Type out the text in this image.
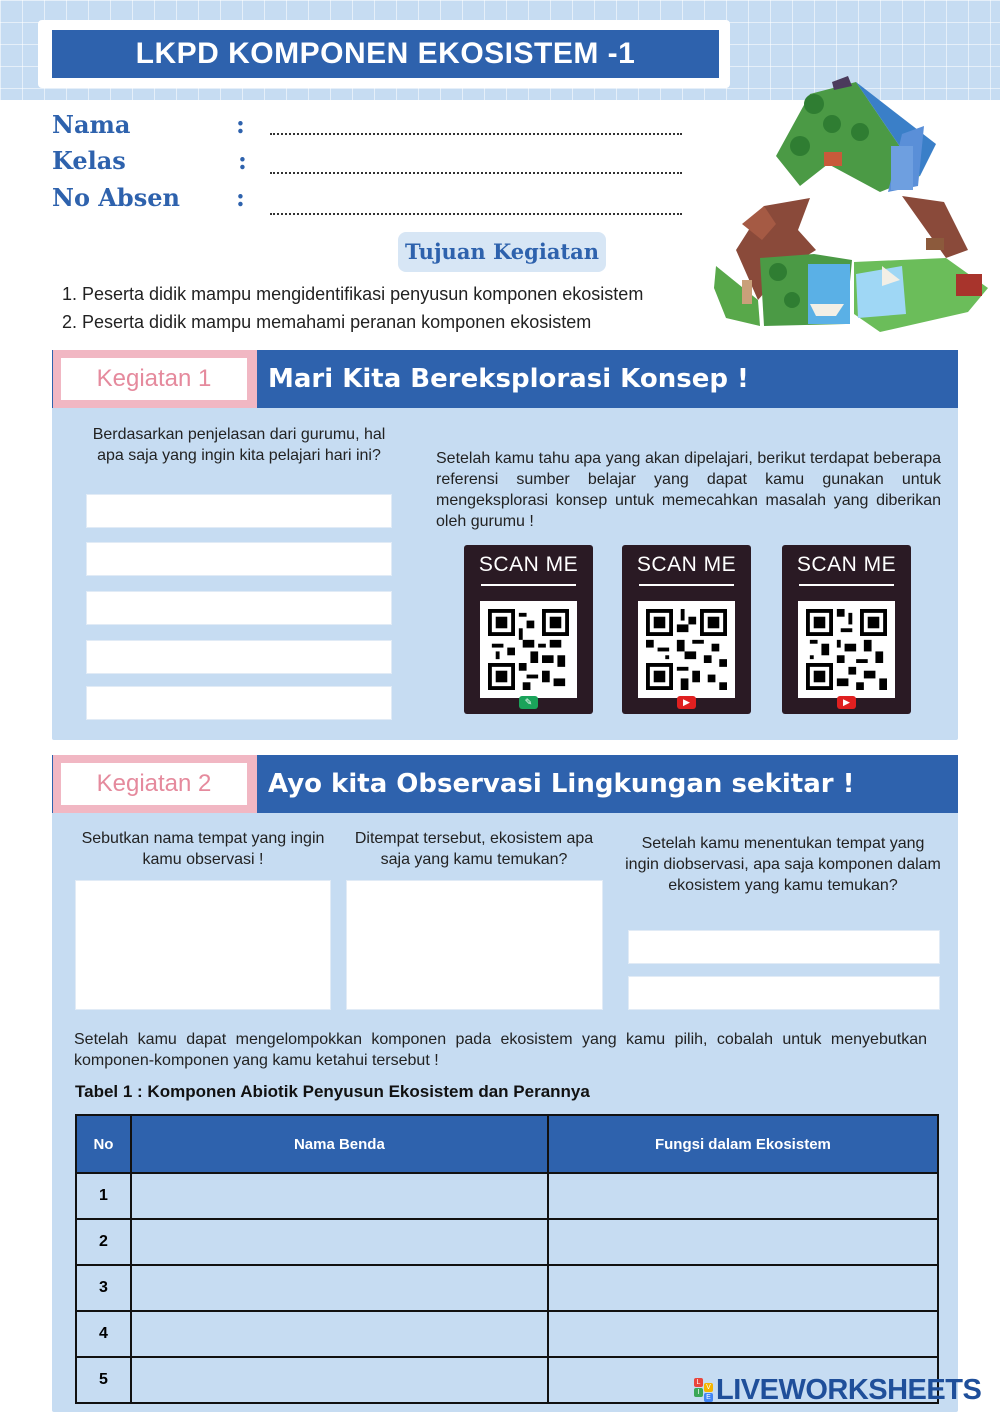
LKPD KOMPONEN EKOSISTEM -1
Nama	:
Kelas	:
No Absen :
Tujuan Kegiatan
1. Peserta didik mampu mengidentifikasi penyusun komponen ekosistem
2. Peserta didik mampu memahami peranan komponen ekosistem
Kegiatan 1	Mari Kita Bereksplorasi Konsep !
Berdasarkan penjelasan dari gurumu, hal apa saja yang ingin kita pelajari hari ini?	Setelah kamu tahu apa yang akan dipelajari, berikut terdapat beberapa referensi sumber belajar yang dapat kamu gunakan untuk mengeksplorasi konsep untuk memecahkan masalah yang diberikan oleh gurumu !
SCAN ME
✎
SCAN ME
▶
SCAN ME
▶
Kegiatan 2	Ayo kita Observasi Lingkungan sekitar !
Sebutkan nama tempat yang ingin kamu observasi !
Ditempat tersebut, ekosistem apa saja yang kamu temukan?
Setelah kamu menentukan tempat yang ingin diobservasi, apa saja komponen dalam ekosistem yang kamu temukan?
Setelah kamu dapat mengelompokkan komponen pada ekosistem yang kamu pilih, cobalah untuk menyebutkan komponen-komponen yang kamu ketahui tersebut !
Tabel 1 : Komponen Abiotik Penyusun Ekosistem dan Perannya
No	Nama Benda	Fungsi dalam Ekosistem
1		
2		
3		
4		
5			L
I
V
E LIVEWORKSHEETS
